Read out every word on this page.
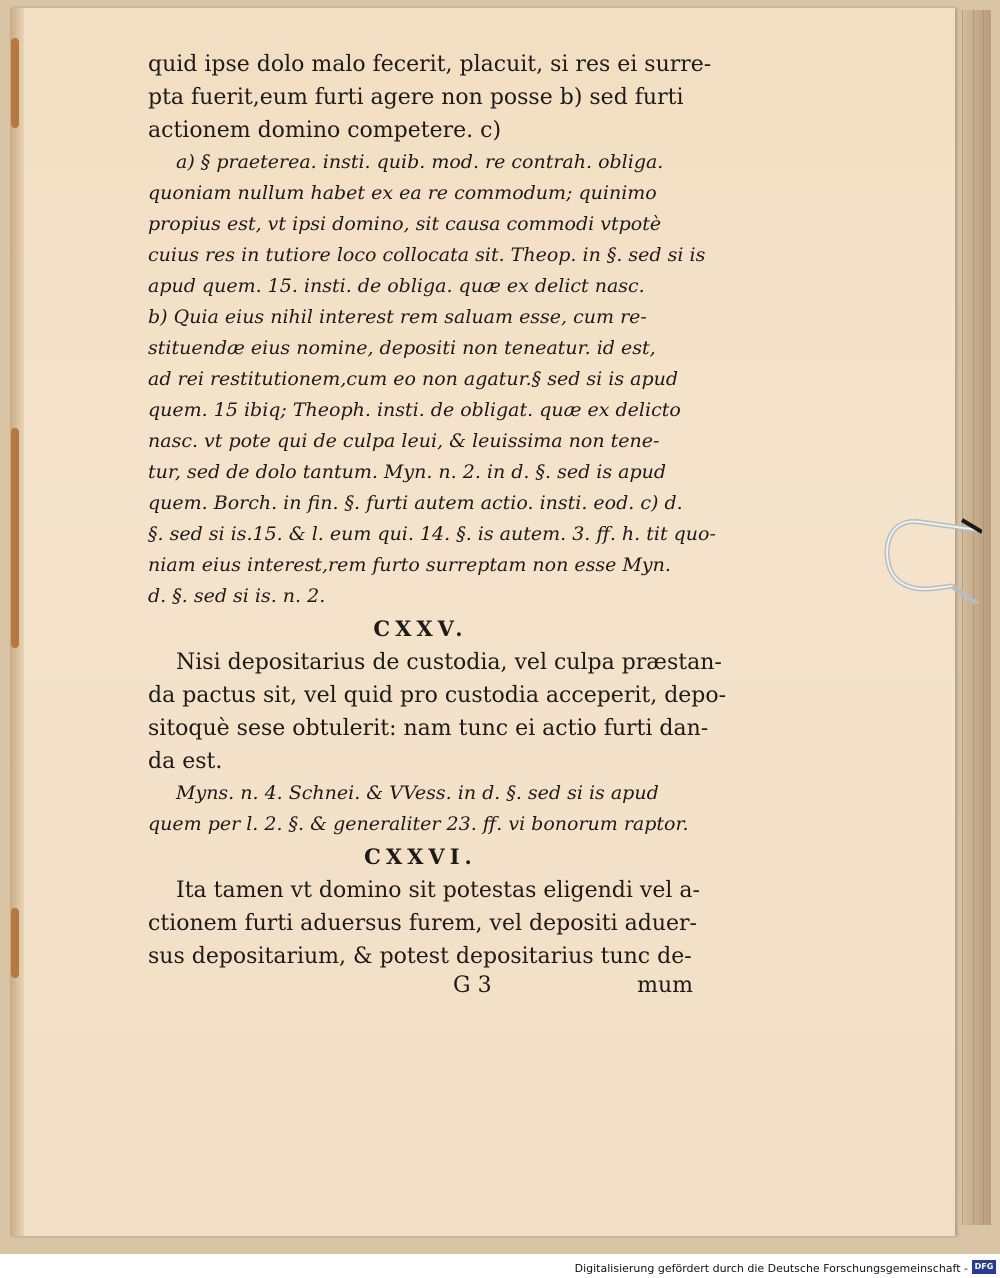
quid ipse dolo malo fecerit, placuit, si res ei surre-

pta fuerit,eum furti agere non posse b) sed furti

actionem domino competere. c)

a) § praeterea. insti. quib. mod. re contrah. obliga.

quoniam nullum habet ex ea re commodum; quinimo

propius est, vt ipsi domino, sit causa commodi vtpotè

cuius res in tutiore loco collocata sit. Theop. in §. sed si is

apud quem. 15. insti. de obliga. quæ ex delict nasc.

b) Quia eius nihil interest rem saluam esse, cum re-

stituendæ eius nomine, depositi non teneatur. id est,

ad rei restitutionem,cum eo non agatur.§ sed si is apud

quem. 15 ibiq; Theoph. insti. de obligat. quæ ex delicto

nasc. vt pote qui de culpa leui, & leuissima non tene-

tur, sed de dolo tantum. Myn. n. 2. in d. §. sed is apud

quem. Borch. in fin. §. furti autem actio. insti. eod. c) d.

§. sed si is.15. & l. eum qui. 14. §. is autem. 3. ff. h. tit quo-

niam eius interest,rem furto surreptam non esse Myn.

d. §. sed si is. n. 2.

CXXV.

Nisi depositarius de custodia, vel culpa præstan-

da pactus sit, vel quid pro custodia acceperit, depo-

sitoquè sese obtulerit: nam tunc ei actio furti dan-

da est.

Myns. n. 4. Schnei. & VVess. in d. §. sed si is apud

quem per l. 2. §. & generaliter 23. ff. vi bonorum raptor.

CXXVI.

Ita tamen vt domino sit potestas eligendi vel a-

ctionem furti aduersus furem, vel depositi aduer-

sus depositarium, & potest depositarius tunc de-

G 3	mum
Digitalisierung gefördert durch die Deutsche Forschungsgemeinschaft - DFG
